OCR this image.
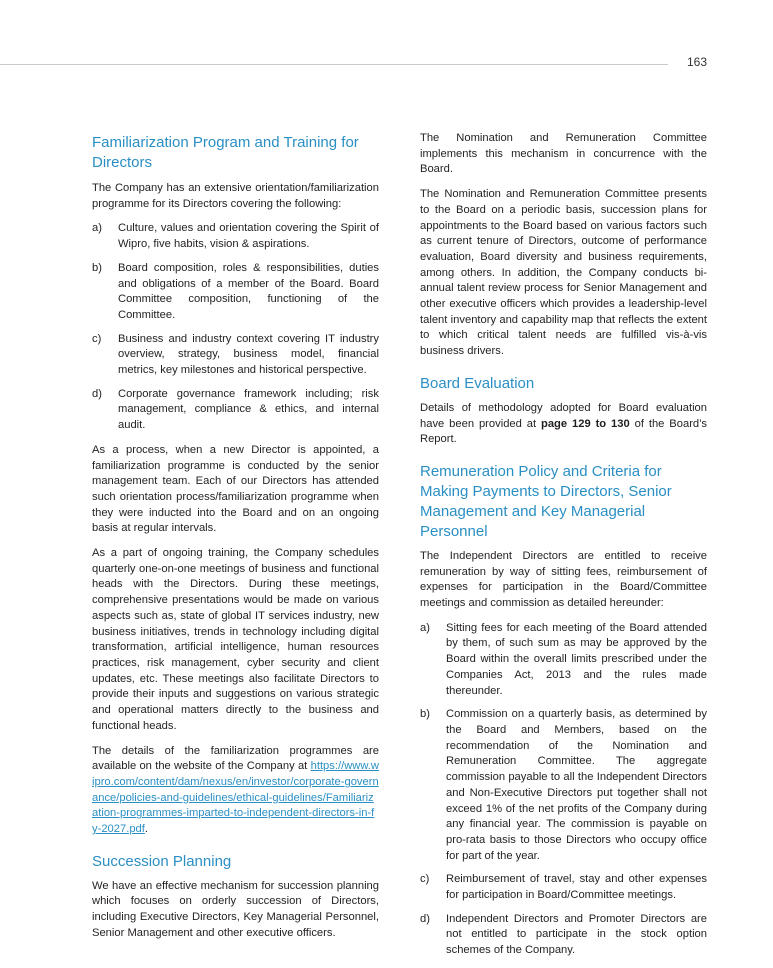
163
Familiarization Program and Training for Directors

The Company has an extensive orientation/familiarization programme for its Directors covering the following:

a)	Culture, values and orientation covering the Spirit of Wipro, five habits, vision & aspirations.
b)	Board composition, roles & responsibilities, duties and obligations of a member of the Board. Board Committee composition, functioning of the Committee.
c)	Business and industry context covering IT industry overview, strategy, business model, financial metrics, key milestones and historical perspective.
d)	Corporate governance framework including; risk management, compliance & ethics, and internal audit.

As a process, when a new Director is appointed, a familiarization programme is conducted by the senior management team. Each of our Directors has attended such orientation process/familiarization programme when they were inducted into the Board and on an ongoing basis at regular intervals.

As a part of ongoing training, the Company schedules quarterly one-on-one meetings of business and functional heads with the Directors. During these meetings, comprehensive presentations would be made on various aspects such as, state of global IT services industry, new business initiatives, trends in technology including digital transformation, artificial intelligence, human resources practices, risk management, cyber security and client updates, etc. These meetings also facilitate Directors to provide their inputs and suggestions on various strategic and operational matters directly to the business and functional heads.

The details of the familiarization programmes are available on the website of the Company at https://www.wipro.com/content/dam/nexus/en/investor/corporate-governance/policies-and-guidelines/ethical-guidelines/Familiarization-programmes-imparted-to-independent-directors-in-fy-2027.pdf.

Succession Planning

We have an effective mechanism for succession planning which focuses on orderly succession of Directors, including Executive Directors, Key Managerial Personnel, Senior Management and other executive officers.

The Nomination and Remuneration Committee implements this mechanism in concurrence with the Board.

The Nomination and Remuneration Committee presents to the Board on a periodic basis, succession plans for appointments to the Board based on various factors such as current tenure of Directors, outcome of performance evaluation, Board diversity and business requirements, among others. In addition, the Company conducts bi-annual talent review process for Senior Management and other executive officers which provides a leadership-level talent inventory and capability map that reflects the extent to which critical talent needs are fulfilled vis-à-vis business drivers.

Board Evaluation

Details of methodology adopted for Board evaluation have been provided at page 129 to 130 of the Board’s Report.

Remuneration Policy and Criteria for Making Payments to Directors, Senior Management and Key Managerial Personnel

The Independent Directors are entitled to receive remuneration by way of sitting fees, reimbursement of expenses for participation in the Board/Committee meetings and commission as detailed hereunder:

a)	Sitting fees for each meeting of the Board attended by them, of such sum as may be approved by the Board within the overall limits prescribed under the Companies Act, 2013 and the rules made thereunder.
b)	Commission on a quarterly basis, as determined by the Board and Members, based on the recommendation of the Nomination and Remuneration Committee. The aggregate commission payable to all the Independent Directors and Non-Executive Directors put together shall not exceed 1% of the net profits of the Company during any financial year. The commission is payable on pro-rata basis to those Directors who occupy office for part of the year.
c)	Reimbursement of travel, stay and other expenses for participation in Board/Committee meetings.
d)	Independent Directors and Promoter Directors are not entitled to participate in the stock option schemes of the Company.
